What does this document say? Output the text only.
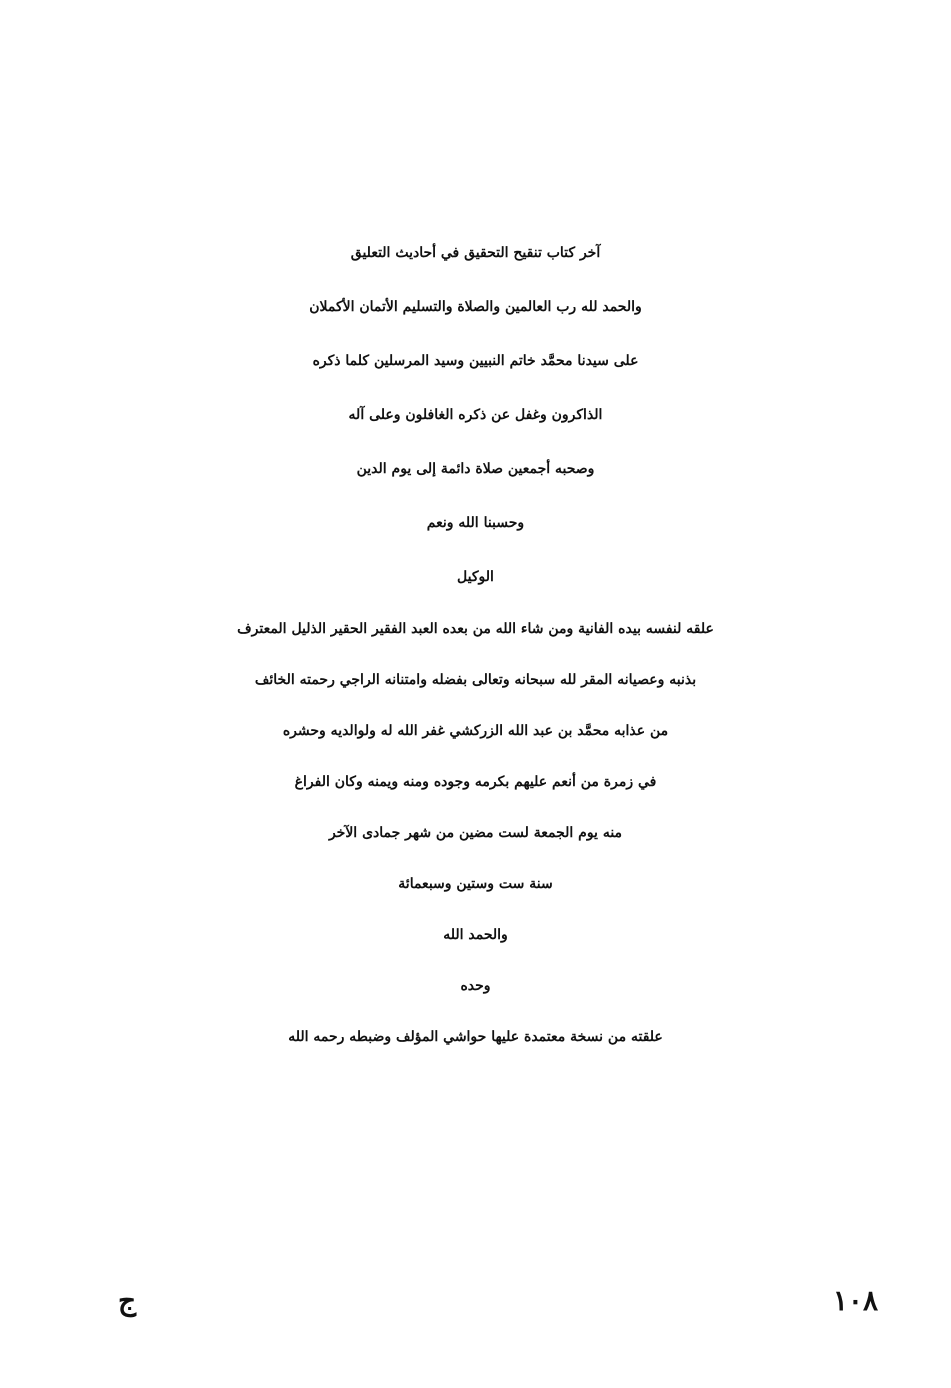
آخر كتاب تنقيح التحقيق في أحاديث التعليق
والحمد لله رب العالمين والصلاة والتسليم الأتمان الأكملان
على سيدنا محمَّد خاتم النبيين وسيد المرسلين كلما ذكره
الذاكرون وغفل عن ذكره الغافلون وعلى آله
وصحبه أجمعين صلاة دائمة إلى يوم الدين
وحسبنا الله ونعم
الوكيل
علقه لنفسه بيده الفانية ومن شاء الله من بعده العبد الفقير الحقير الذليل المعترف
بذنبه وعصيانه المقر لله سبحانه وتعالى بفضله وامتنانه الراجي رحمته الخائف
من عذابه محمَّد بن عبد الله الزركشي غفر الله له ولوالديه وحشره
في زمرة من أنعم عليهم بكرمه وجوده ومنه ويمنه وكان الفراغ
منه يوم الجمعة لست مضين من شهر جمادى الآخر
سنة ست وستين وسبعمائة
والحمد الله
وحده
علقته من نسخة معتمدة عليها حواشي المؤلف وضبطه رحمه الله
١٠٨
ج
